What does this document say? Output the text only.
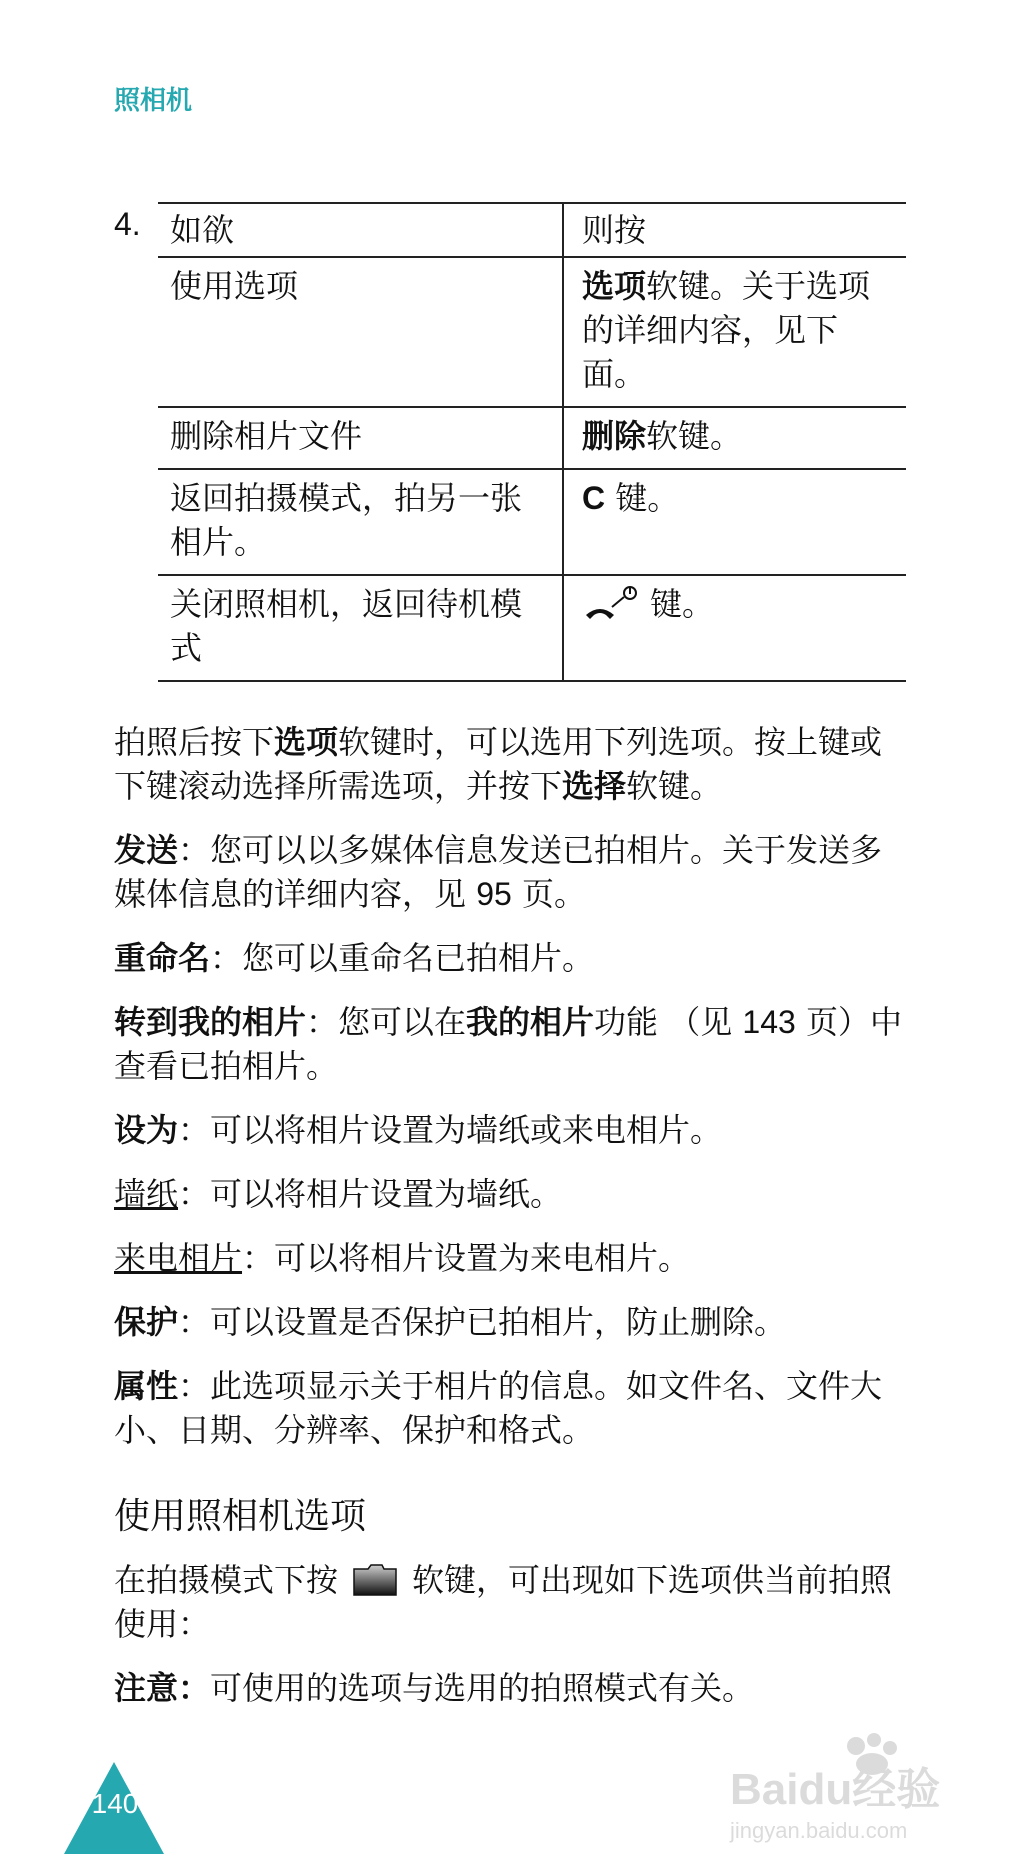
照相机
4. 如欲	则按
使用选项	选项软键。关于选项的详细内容，见下面。
删除相片文件	删除软键。
返回拍摄模式，拍另一张相片。	C 键。
关闭照相机，返回待机模式	键。

拍照后按下选项软键时，可以选用下列选项。按上键或下键滚动选择所需选项，并按下选择软键。

发送：您可以以多媒体信息发送已拍相片。关于发送多媒体信息的详细内容，见 95 页。

重命名：您可以重命名已拍相片。

转到我的相片：您可以在我的相片功能 （见 143 页）中查看已拍相片。

设为：可以将相片设置为墙纸或来电相片。

墙纸：可以将相片设置为墙纸。

来电相片：可以将相片设置为来电相片。

保护：可以设置是否保护已拍相片，防止删除。

属性：此选项显示关于相片的信息。如文件名、文件大小、日期、分辨率、保护和格式。

使用照相机选项

在拍摄模式下按 软键，可出现如下选项供当前拍照使用：

注意：可使用的选项与选用的拍照模式有关。

140	Baidu经验
jingyan.baidu.com
